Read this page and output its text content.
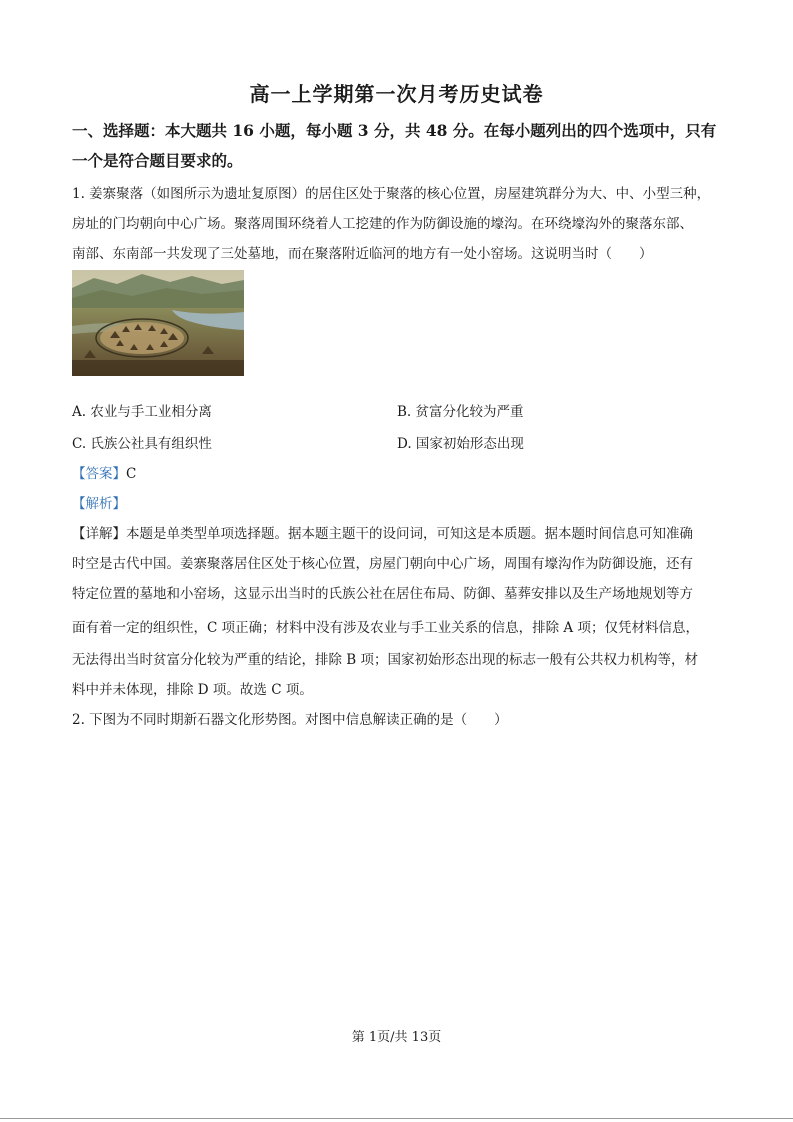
高一上学期第一次月考历史试卷
一、选择题：本大题共 16 小题，每小题 3 分，共 48 分。在每小题列出的四个选项中，只有
一个是符合题目要求的。
1. 姜寨聚落（如图所示为遗址复原图）的居住区处于聚落的核心位置，房屋建筑群分为大、中、小型三种，
房址的门均朝向中心广场。聚落周围环绕着人工挖建的作为防御设施的壕沟。在环绕壕沟外的聚落东部、
南部、东南部一共发现了三处墓地，而在聚落附近临河的地方有一处小窑场。这说明当时（　　）
A. 农业与手工业相分离	B. 贫富分化较为严重
C. 氏族公社具有组织性	D. 国家初始形态出现
【答案】C
【解析】
【详解】本题是单类型单项选择题。据本题主题干的设问词，可知这是本质题。据本题时间信息可知准确
时空是古代中国。姜寨聚落居住区处于核心位置，房屋门朝向中心广场，周围有壕沟作为防御设施，还有
特定位置的墓地和小窑场，这显示出当时的氏族公社在居住布局、防御、墓葬安排以及生产场地规划等方
面有着一定的组织性，C 项正确；材料中没有涉及农业与手工业关系的信息，排除 A 项；仅凭材料信息，
无法得出当时贫富分化较为严重的结论，排除 B 项；国家初始形态出现的标志一般有公共权力机构等，材
料中并未体现，排除 D 项。故选 C 项。
2. 下图为不同时期新石器文化形势图。对图中信息解读正确的是（　　）
第 1页/共 13页
